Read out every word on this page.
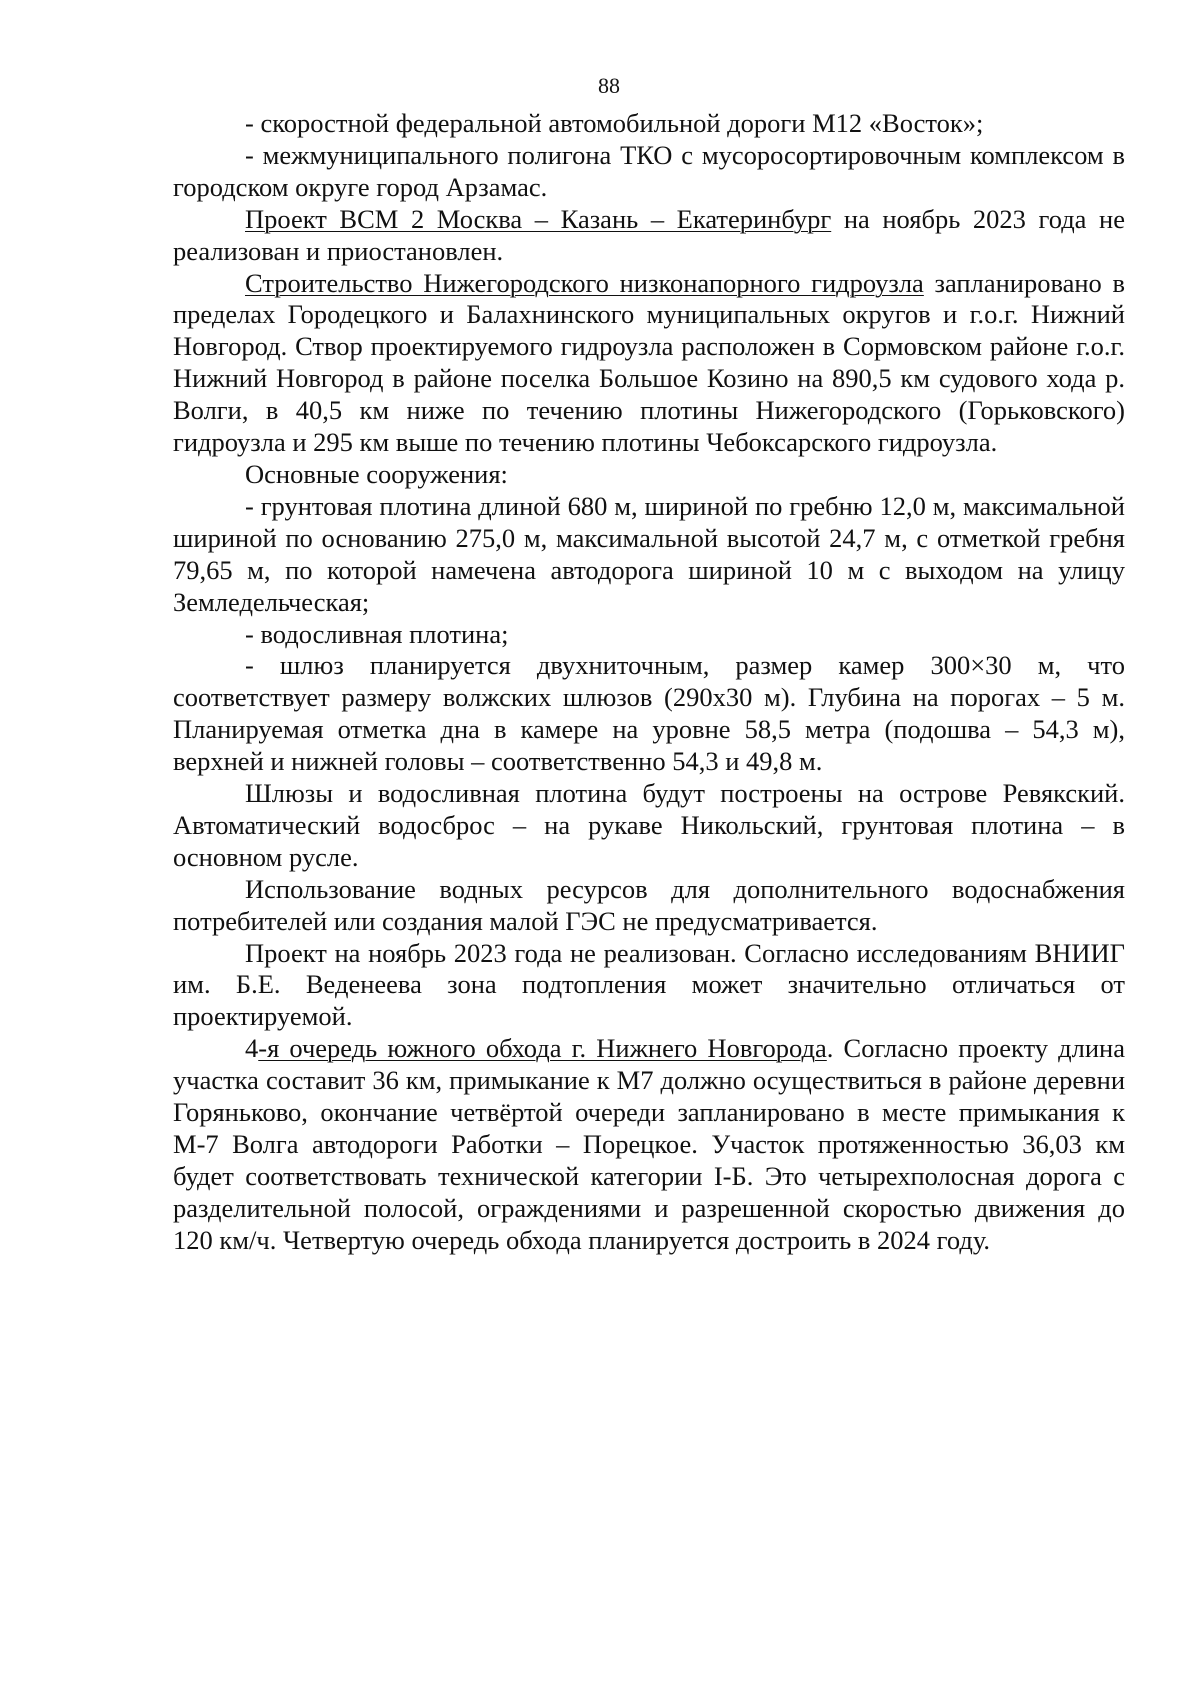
88

- скоростной федеральной автомобильной дороги М12 «Восток»;

- межмуниципального полигона ТКО с мусоросортировочным комплексом в городском округе город Арзамас.

Проект ВСМ 2 Москва – Казань – Екатеринбург на ноябрь 2023 года не реализован и приостановлен.

Строительство Нижегородского низконапорного гидроузла запланировано в пределах Городецкого и Балахнинского муниципальных округов и г.о.г. Нижний Новгород. Створ проектируемого гидроузла расположен в Сормовском районе г.о.г. Нижний Новгород в районе поселка Большое Козино на 890,5 км судового хода р. Волги, в 40,5 км ниже по течению плотины Нижегородского (Горьковского) гидроузла и 295 км выше по течению плотины Чебоксарского гидроузла.

Основные сооружения:

- грунтовая плотина длиной 680 м, шириной по гребню 12,0 м, максимальной шириной по основанию 275,0 м, максимальной высотой 24,7 м, с отметкой гребня 79,65 м, по которой намечена автодорога шириной 10 м с выходом на улицу Земледельческая;

- водосливная плотина;

- шлюз планируется двухниточным, размер камер 300×30 м, что соответствует размеру волжских шлюзов (290х30 м). Глубина на порогах – 5 м. Планируемая отметка дна в камере на уровне 58,5 метра (подошва – 54,3 м), верхней и нижней головы – соответственно 54,3 и 49,8 м.

Шлюзы и водосливная плотина будут построены на острове Ревякский. Автоматический водосброс – на рукаве Никольский, грунтовая плотина – в основном русле.

Использование водных ресурсов для дополнительного водоснабжения потребителей или создания малой ГЭС не предусматривается.

Проект на ноябрь 2023 года не реализован. Согласно исследованиям ВНИИГ им. Б.Е. Веденеева зона подтопления может значительно отличаться от проектируемой.

4-я очередь южного обхода г. Нижнего Новгорода. Согласно проекту длина участка составит 36 км, примыкание к М7 должно осуществиться в районе деревни Горяньково, окончание четвёртой очереди запланировано в месте примыкания к М-7 Волга автодороги Работки – Порецкое. Участок протяженностью 36,03 км будет соответствовать технической категории I-Б. Это четырехполосная дорога с разделительной полосой, ограждениями и разрешенной скоростью движения до 120 км/ч. Четвертую очередь обхода планируется достроить в 2024 году.
